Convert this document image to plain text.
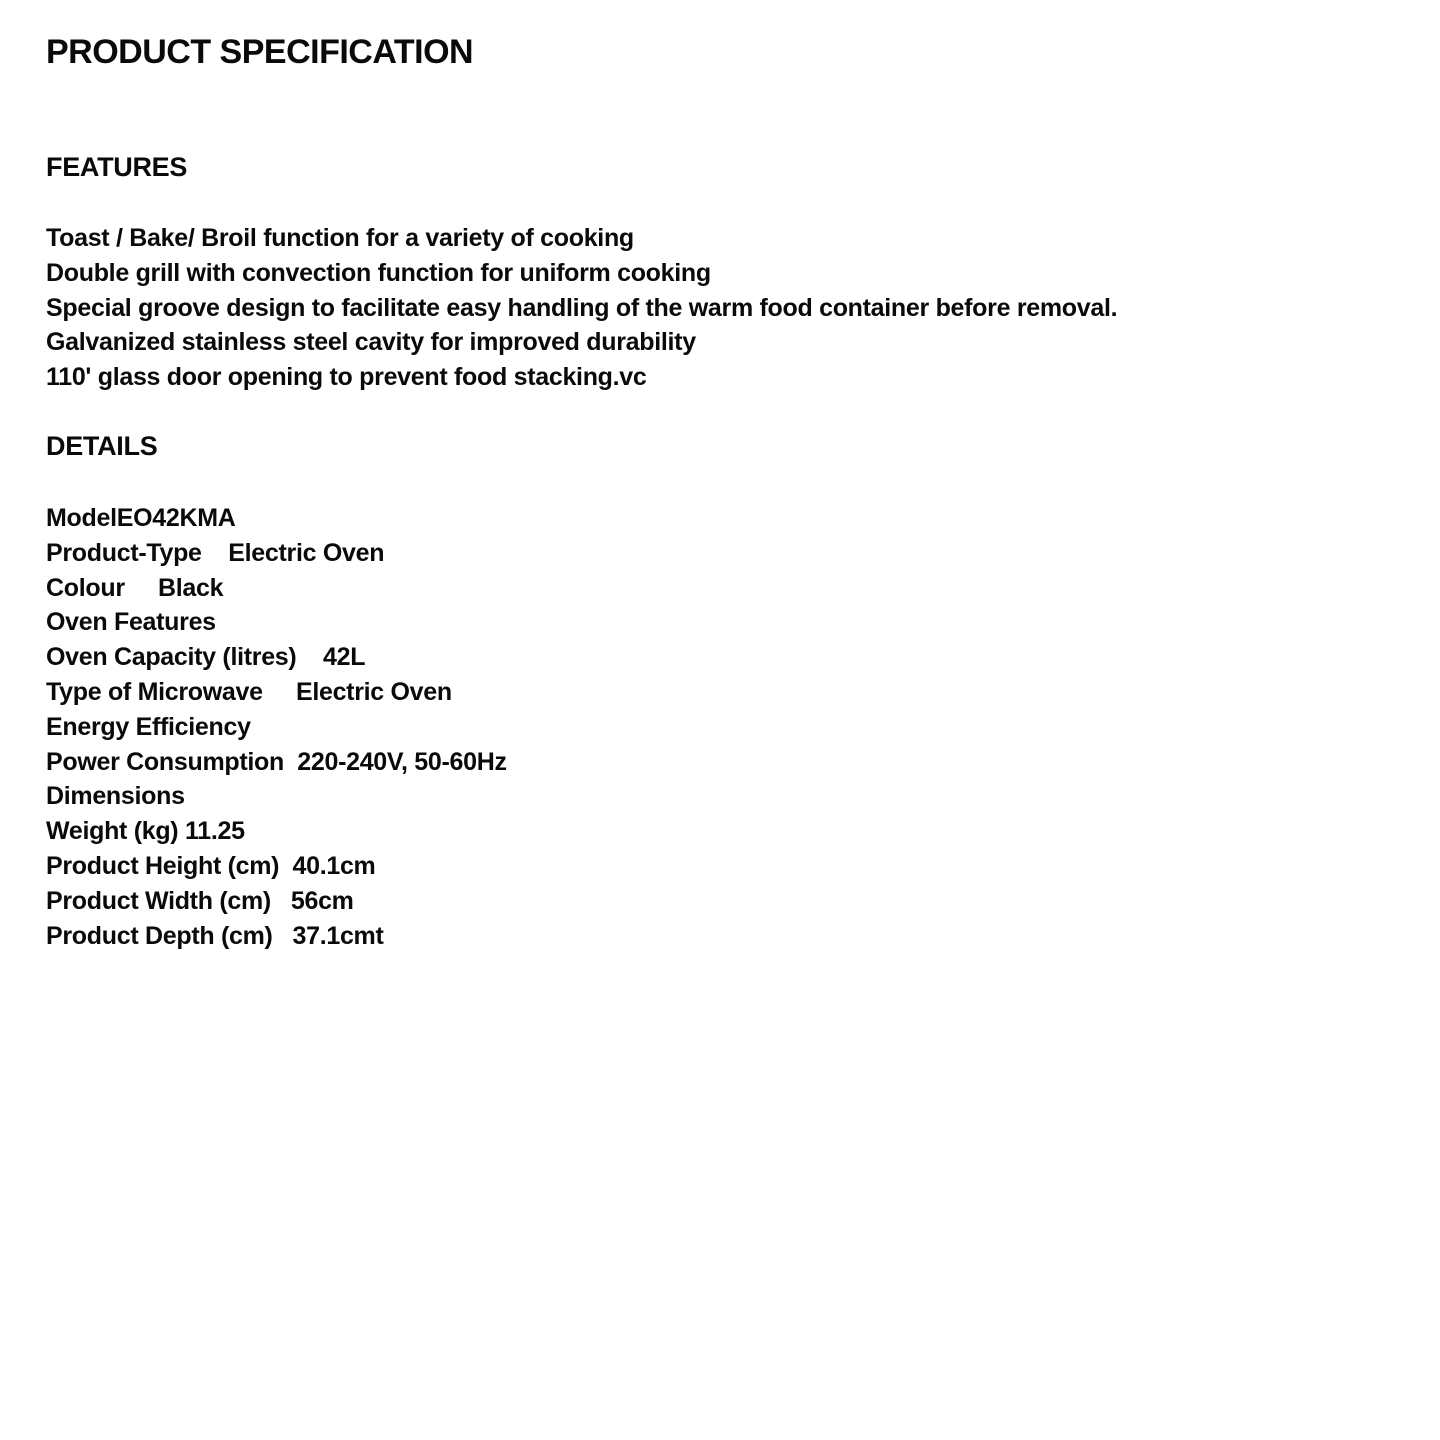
PRODUCT SPECIFICATION
FEATURES
Toast / Bake/ Broil function for a variety of cooking
Double grill with convection function for uniform cooking
Special groove design to facilitate easy handling of the warm food container before removal.
Galvanized stainless steel cavity for improved durability
110' glass door opening to prevent food stacking.vc
DETAILS
ModelEO42KMA
Product-Type Electric Oven
Colour Black
Oven Features
Oven Capacity (litres) 42L
Type of Microwave Electric Oven
Energy Efficiency
Power Consumption 220-240V, 50-60Hz
Dimensions
Weight (kg) 11.25
Product Height (cm) 40.1cm
Product Width (cm) 56cm
Product Depth (cm) 37.1cmt
